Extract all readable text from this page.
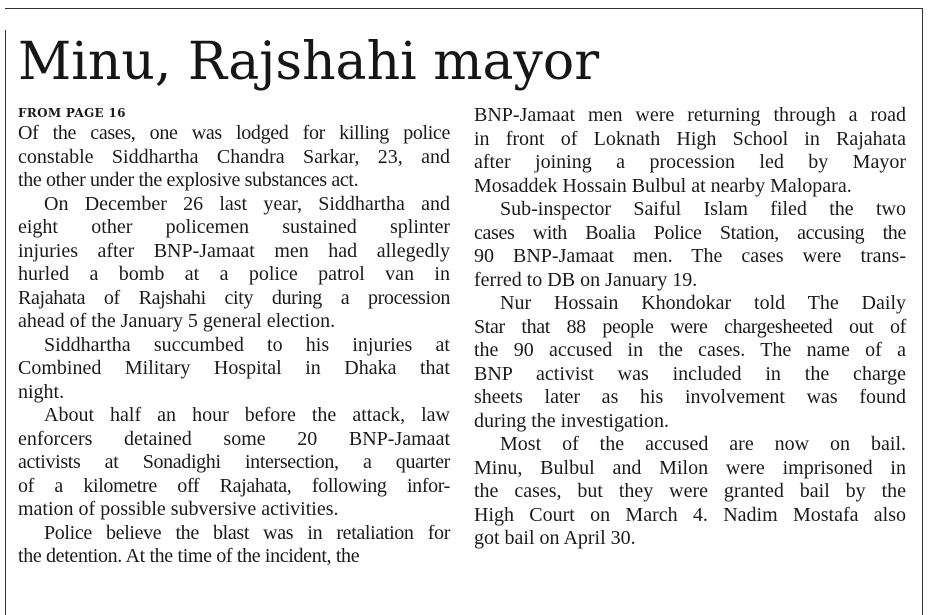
Minu, Rajshahi mayor
FROM PAGE 16

Of the cases, one was lodged for killing police
constable Siddhartha Chandra Sarkar, 23, and
the other under the explosive substances act.

On December 26 last year, Siddhartha and
eight other policemen sustained splinter
injuries after BNP-Jamaat men had allegedly
hurled a bomb at a police patrol van in
Rajahata of Rajshahi city during a procession
ahead of the January 5 general election.

Siddhartha succumbed to his injuries at
Combined Military Hospital in Dhaka that
night.

About half an hour before the attack, law
enforcers detained some 20 BNP-Jamaat
activists at Sonadighi intersection, a quarter
of a kilometre off Rajahata, following infor-
mation of possible subversive activities.

Police believe the blast was in retaliation for
the detention. At the time of the incident, the

BNP-Jamaat men were returning through a road
in front of Loknath High School in Rajahata
after joining a procession led by Mayor
Mosaddek Hossain Bulbul at nearby Malopara.

Sub-inspector Saiful Islam filed the two
cases with Boalia Police Station, accusing the
90 BNP-Jamaat men. The cases were trans-
ferred to DB on January 19.

Nur Hossain Khondokar told The Daily
Star that 88 people were chargesheeted out of
the 90 accused in the cases. The name of a
BNP activist was included in the charge
sheets later as his involvement was found
during the investigation.

Most of the accused are now on bail.
Minu, Bulbul and Milon were imprisoned in
the cases, but they were granted bail by the
High Court on March 4. Nadim Mostafa also
got bail on April 30.
